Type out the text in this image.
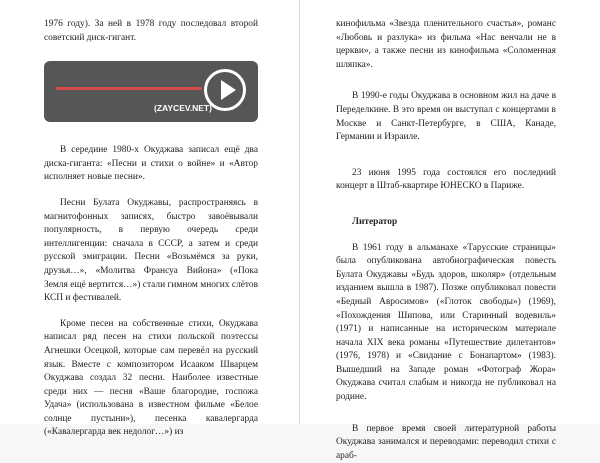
1976 году). За ней в 1978 году последовал второй советский диск-гигант.

(ZAYCEV.NET)

В середине 1980-х Окуджава записал ещё два диска-гиганта: «Песни и стихи о войне» и «Автор исполняет новые песни».

Песни Булата Окуджавы, распространяясь в магнитофонных записях, быстро завоёвывали популярность, в первую очередь среди интеллигенции: сначала в СССР, а затем и среди русской эмиграции. Песни «Возьмёмся за руки, друзья…», «Молитва Франсуа Вийона» («Пока Земля ещё вертится…») стали гимном многих слётов КСП и фестивалей.

Кроме песен на собственные стихи, Окуджава написал ряд песен на стихи польской поэтессы Агнешки Осецкой, которые сам перевёл на русский язык. Вместе с композитором Исааком Шварцем Окуджава создал 32 песни. Наиболее известные среди них — песня «Ваше благородие, госпожа Удача» (использована в известном фильме «Белое солнце пустыни»), песенка кавалергарда («Кавалергарда век недолог…») из

кинофильма «Звезда пленительного счастья», романс «Любовь и разлука» из фильма «Нас венчали не в церкви», а также песни из кинофильма «Соломенная шляпка».

В 1990-е годы Окуджава в основном жил на даче в Переделкине. В это время он выступал с концертами в Москве и Санкт-Петербурге, в США, Канаде, Германии и Израиле.

23 июня 1995 года состоялся его последний концерт в Штаб-квартире ЮНЕСКО в Париже.

Литератор

В 1961 году в альманахе «Тарусские страницы» была опубликована автобиографическая повесть Булата Окуджавы «Будь здоров, школяр» (отдельным изданием вышла в 1987). Позже опубликовал повести «Бедный Авросимов» («Глоток свободы») (1969), «Похождения Шипова, или Старинный водевиль» (1971) и написанные на историческом материале начала XIX века романы «Путешествие дилетантов» (1976, 1978) и «Свидание с Бонапартом» (1983). Вышедший на Западе роман «Фотограф Жора» Окуджава считал слабым и никогда не публиковал на родине.

В первое время своей литературной работы Окуджава занимался и переводами: переводил стихи с араб-
